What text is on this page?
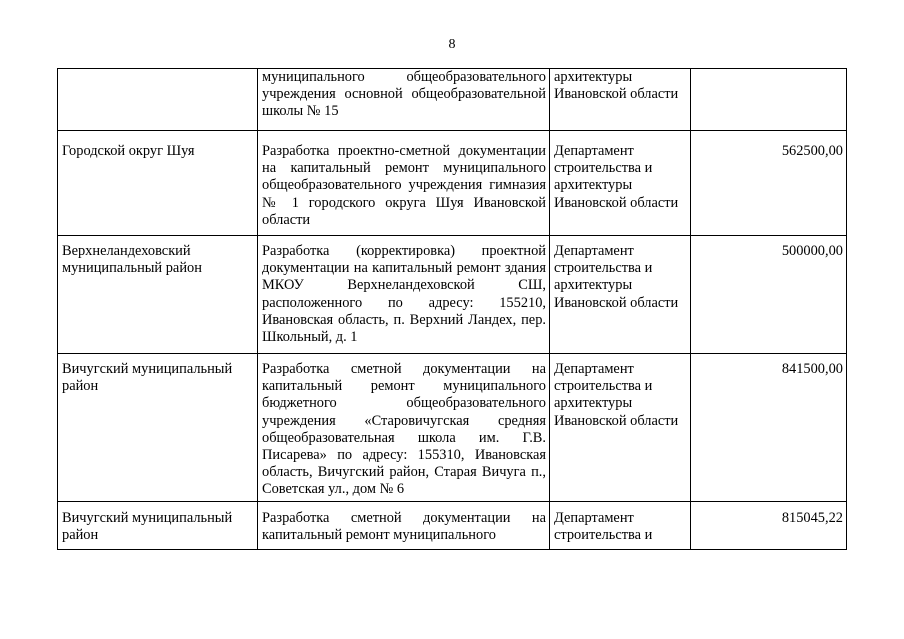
8
	муниципального общеобразовательного учреждения основной общеобразовательной школы № 15	архитектуры Ивановской области	
Городской округ Шуя	Разработка проектно-сметной документации на капитальный ремонт муниципального общеобразовательного учреждения гимназия № 1 городского округа Шуя Ивановской области	Департамент строительства и архитектуры Ивановской области	562500,00
Верхнеландеховский муниципальный район	Разработка (корректировка) проектной документации на капитальный ремонт здания МКОУ Верхнеландеховской СШ, расположенного по адресу: 155210, Ивановская область, п. Верхний Ландех, пер. Школьный, д. 1	Департамент строительства и архитектуры Ивановской области	500000,00
Вичугский муниципальный район	Разработка сметной документации на капитальный ремонт муниципального бюджетного общеобразовательного учреждения «Старовичугская средняя общеобразовательная школа им. Г.В. Писарева» по адресу: 155310, Ивановская область, Вичугский район, Старая Вичуга п., Советская ул., дом № 6	Департамент строительства и архитектуры Ивановской области	841500,00
Вичугский муниципальный район	Разработка сметной документации на капитальный ремонт муниципального	Департамент строительства и	815045,22
